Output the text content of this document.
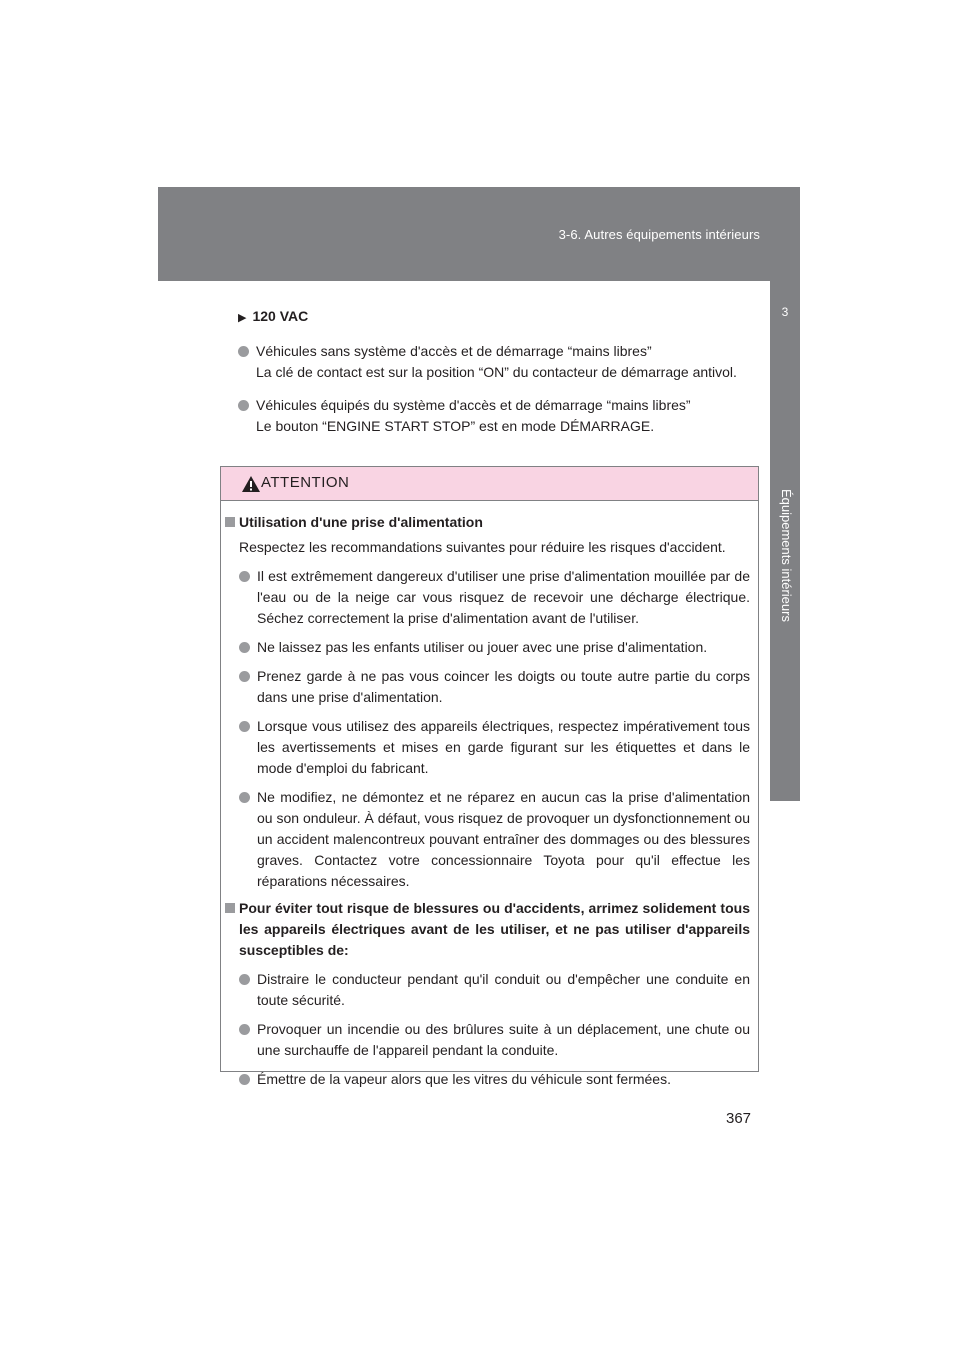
3-6. Autres équipements intérieurs
3
Équipements intérieurs
▶ 120 VAC
Véhicules sans système d'accès et de démarrage “mains libres”
La clé de contact est sur la position “ON” du contacteur de démarrage antivol.
Véhicules équipés du système d'accès et de démarrage “mains libres”
Le bouton “ENGINE START STOP” est en mode DÉMARRAGE.
ATTENTION
Utilisation d'une prise d'alimentation
Respectez les recommandations suivantes pour réduire les risques d'accident.
Il est extrêmement dangereux d'utiliser une prise d'alimentation mouillée par de l'eau ou de la neige car vous risquez de recevoir une décharge électrique. Séchez correctement la prise d'alimentation avant de l'utiliser.
Ne laissez pas les enfants utiliser ou jouer avec une prise d'alimentation.
Prenez garde à ne pas vous coincer les doigts ou toute autre partie du corps dans une prise d'alimentation.
Lorsque vous utilisez des appareils électriques, respectez impérativement tous les avertissements et mises en garde figurant sur les étiquettes et dans le mode d'emploi du fabricant.
Ne modifiez, ne démontez et ne réparez en aucun cas la prise d'alimentation ou son onduleur. À défaut, vous risquez de provoquer un dysfonctionnement ou un accident malencontreux pouvant entraîner des dommages ou des blessures graves. Contactez votre concessionnaire Toyota pour qu'il effectue les réparations nécessaires.
Pour éviter tout risque de blessures ou d'accidents, arrimez solidement tous les appareils électriques avant de les utiliser, et ne pas utiliser d'appareils susceptibles de:
Distraire le conducteur pendant qu'il conduit ou d'empêcher une conduite en toute sécurité.
Provoquer un incendie ou des brûlures suite à un déplacement, une chute ou une surchauffe de l'appareil pendant la conduite.
Émettre de la vapeur alors que les vitres du véhicule sont fermées.
367
